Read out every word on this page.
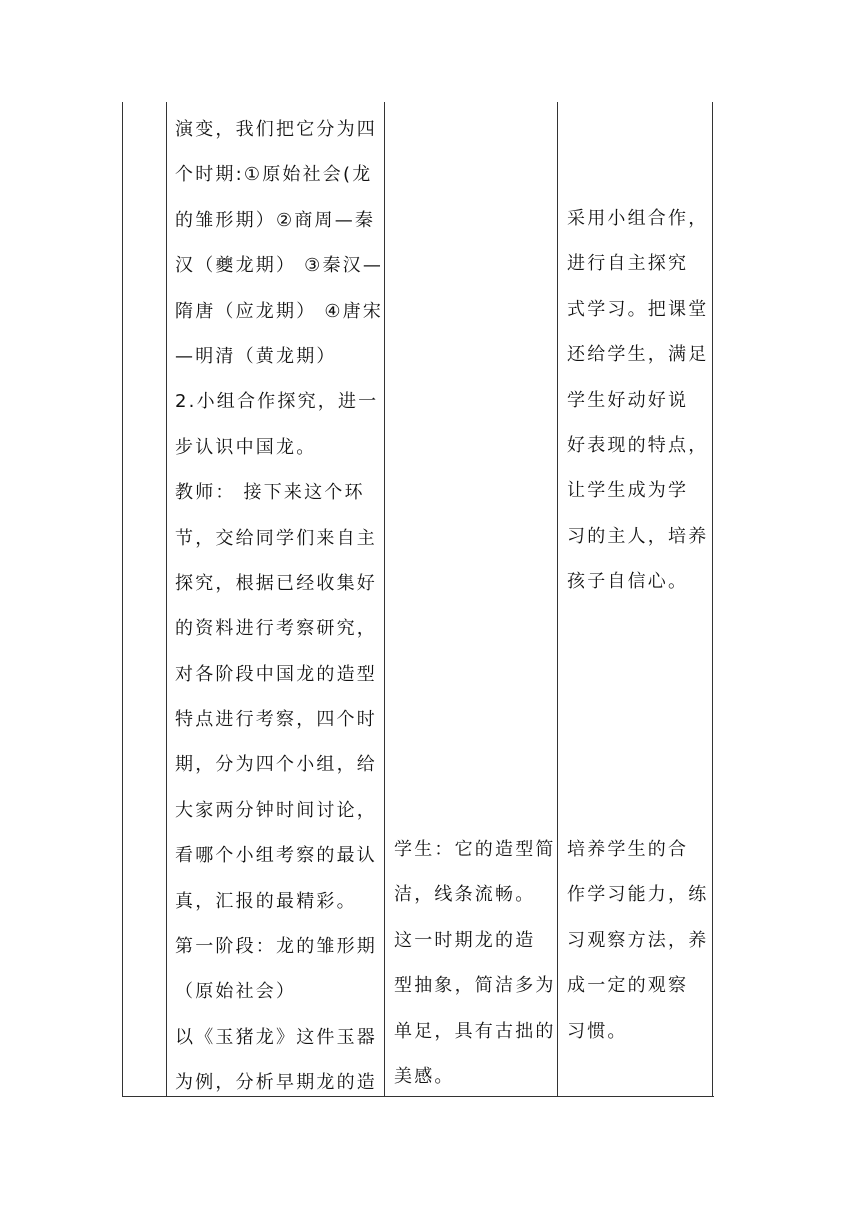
演变，我们把它分为四
个时期:①原始社会(龙
的雏形期）②商周—秦
汉（夔龙期） ③秦汉—
隋唐（应龙期） ④唐宋
—明清（黄龙期）
2.小组合作探究，进一
步认识中国龙。
教师： 接下来这个环
节，交给同学们来自主
探究，根据已经收集好
的资料进行考察研究，
对各阶段中国龙的造型
特点进行考察，四个时
期，分为四个小组，给
大家两分钟时间讨论，
看哪个小组考察的最认
真，汇报的最精彩。
第一阶段：龙的雏形期
（原始社会）
以《玉猪龙》这件玉器
为例，分析早期龙的造
学生：它的造型简
洁，线条流畅。
这一时期龙的造
型抽象，简洁多为
单足，具有古拙的
美感。
采用小组合作，
进行自主探究
式学习。把课堂
还给学生，满足
学生好动好说
好表现的特点，
让学生成为学
习的主人，培养
孩子自信心。
培养学生的合
作学习能力，练
习观察方法，养
成一定的观察
习惯。
